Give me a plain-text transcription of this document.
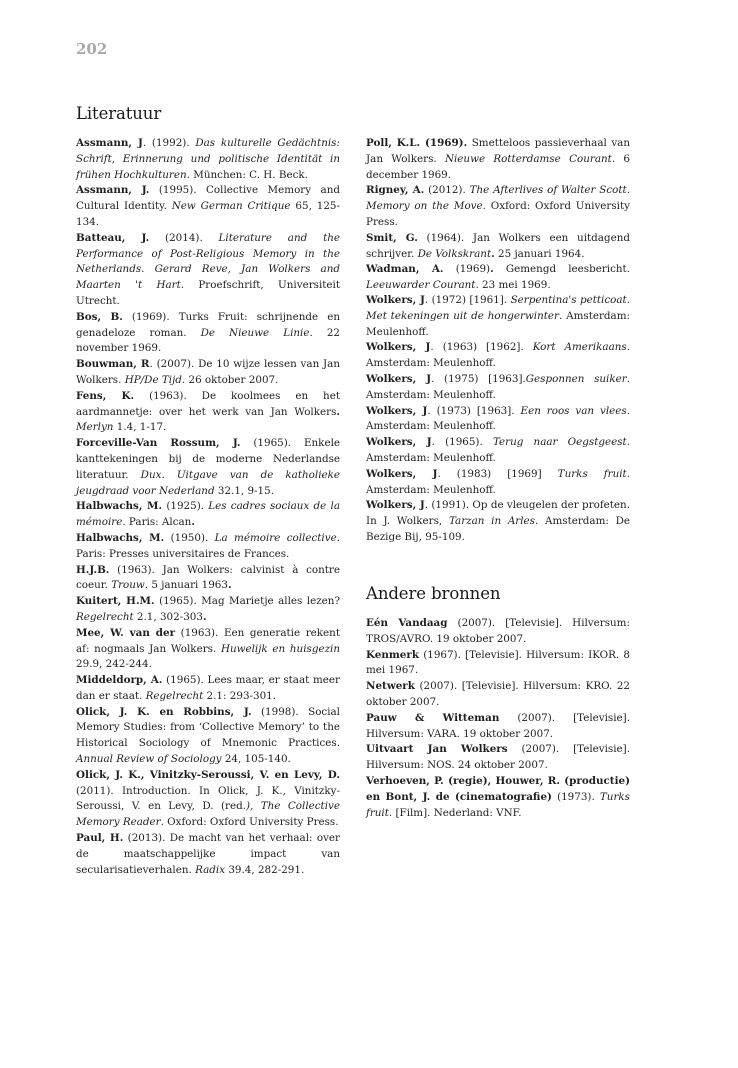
202
Literatuur

Assmann, J. (1992). Das kulturelle Gedächtnis: Schrift, Erinnerung und politische Identität in frühen Hochkulturen. München: C. H. Beck.

Assmann, J. (1995). Collective Memory and Cultural Identity. New German Critique 65, 125-134.

Batteau, J. (2014). Literature and the Performance of Post-Religious Memory in the Netherlands. Gerard Reve, Jan Wolkers and Maarten 't Hart. Proefschrift, Universiteit Utrecht.

Bos, B. (1969). Turks Fruit: schrijnende en genadeloze roman. De Nieuwe Linie. 22 november 1969.

Bouwman, R. (2007). De 10 wijze lessen van Jan Wolkers. HP/De Tijd. 26 oktober 2007.

Fens, K. (1963). De koolmees en het aardmannetje: over het werk van Jan Wolkers. Merlyn 1.4, 1-17.

Forceville-Van Rossum, J. (1965). Enkele kanttekeningen bij de moderne Nederlandse literatuur. Dux. Uitgave van de katholieke jeugdraad voor Nederland 32.1, 9-15.

Halbwachs, M. (1925). Les cadres sociaux de la mémoire. Paris: Alcan.

Halbwachs, M. (1950). La mémoire collective. Paris: Presses universitaires de Frances.

H.J.B. (1963). Jan Wolkers: calvinist à contre coeur. Trouw. 5 januari 1963.

Kuitert, H.M. (1965). Mag Marietje alles lezen? Regelrecht 2.1, 302-303.

Mee, W. van der (1963). Een generatie rekent af: nogmaals Jan Wolkers. Huwelijk en huisgezin 29.9, 242-244.

Middeldorp, A. (1965). Lees maar, er staat meer dan er staat. Regelrecht 2.1: 293-301.

Olick, J. K. en Robbins, J. (1998). Social Memory Studies: from ‘Collective Memory’ to the Historical Sociology of Mnemonic Practices. Annual Review of Sociology 24, 105-140.

Olick, J. K., Vinitzky-Seroussi, V. en Levy, D. (2011). Introduction. In Olick, J. K., Vinitzky-Seroussi, V. en Levy, D. (red.), The Collective Memory Reader. Oxford: Oxford University Press.

Paul, H. (2013). De macht van het verhaal: over de maatschappelijke impact van secularisatieverhalen. Radix 39.4, 282-291.

Poll, K.L. (1969). Smetteloos passieverhaal van Jan Wolkers. Nieuwe Rotterdamse Courant. 6 december 1969.

Rigney, A. (2012). The Afterlives of Walter Scott. Memory on the Move. Oxford: Oxford University Press.

Smit, G. (1964). Jan Wolkers een uitdagend schrijver. De Volkskrant. 25 januari 1964.

Wadman, A. (1969). Gemengd leesbericht. Leeuwarder Courant. 23 mei 1969.

Wolkers, J. (1972) [1961]. Serpentina's petticoat. Met tekeningen uit de hongerwinter. Amsterdam: Meulenhoff.

Wolkers, J. (1963) [1962]. Kort Amerikaans. Amsterdam: Meulenhoff.

Wolkers, J. (1975) [1963].Gesponnen suiker. Amsterdam: Meulenhoff.

Wolkers, J. (1973) [1963]. Een roos van vlees. Amsterdam: Meulenhoff.

Wolkers, J. (1965). Terug naar Oegstgeest. Amsterdam: Meulenhoff.

Wolkers, J. (1983) [1969] Turks fruit. Amsterdam: Meulenhoff.

Wolkers, J. (1991). Op de vleugelen der profeten. In J. Wolkers, Tarzan in Arles. Amsterdam: De Bezige Bij, 95-109.

Andere bronnen

Eén Vandaag (2007). [Televisie]. Hilversum: TROS/AVRO. 19 oktober 2007.

Kenmerk (1967). [Televisie]. Hilversum: IKOR. 8 mei 1967.

Netwerk (2007). [Televisie]. Hilversum: KRO. 22 oktober 2007.

Pauw & Witteman (2007). [Televisie]. Hilversum: VARA. 19 oktober 2007.

Uitvaart Jan Wolkers (2007). [Televisie]. Hilversum: NOS. 24 oktober 2007.

Verhoeven, P. (regie), Houwer, R. (productie) en Bont, J. de (cinematografie) (1973). Turks fruit. [Film]. Nederland: VNF.
